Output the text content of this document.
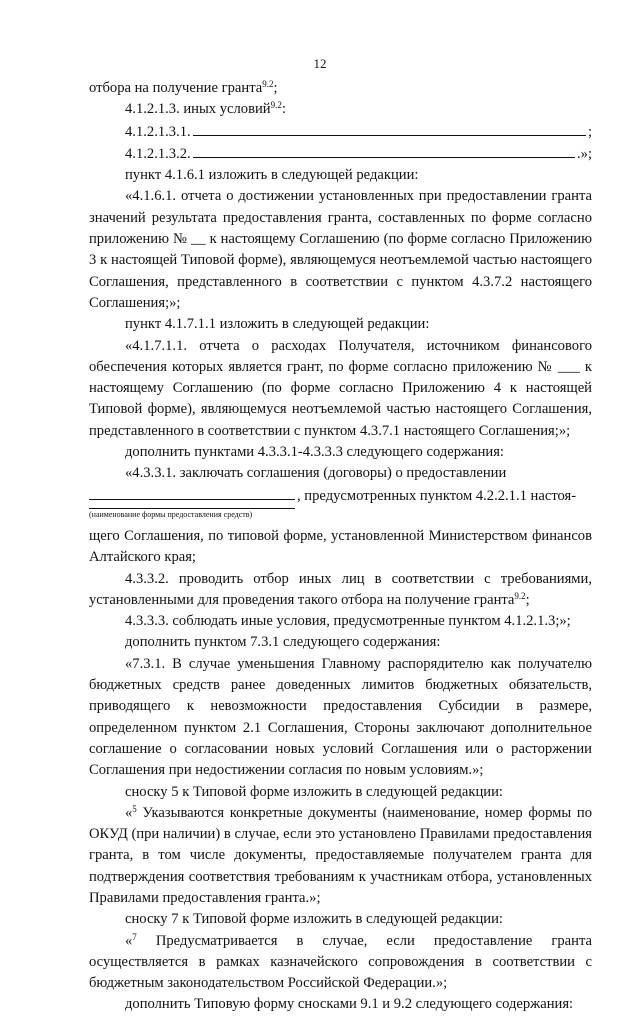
12

отбора на получение гранта$^{9.2}$;

4.1.2.1.3. иных условий$^{9.2}$:

4.1.2.1.3.1.	;
4.1.2.1.3.2.	.»;

пункт 4.1.6.1 изложить в следующей редакции:

«4.1.6.1. отчета о достижении установленных при предоставлении гранта значений результата предоставления гранта, составленных по форме согласно приложению № __ к настоящему Соглашению (по форме согласно Приложению 3 к настоящей Типовой форме), являющемуся неотъемлемой частью настоящего Соглашения, представленного в соответствии с пунктом 4.3.7.2 настоящего Соглашения;»;

пункт 4.1.7.1.1 изложить в следующей редакции:

«4.1.7.1.1. отчета о расходах Получателя, источником финансового обеспечения которых является грант, по форме согласно приложению № ___ к настоящему Соглашению (по форме согласно Приложению 4 к настоящей Типовой форме), являющемуся неотъемлемой частью настоящего Соглашения, представленного в соответствии с пунктом 4.3.7.1 настоящего Соглашения;»;

дополнить пунктами 4.3.3.1-4.3.3.3 следующего содержания:

«4.3.3.1. заключать соглашения (договоры) о предоставлении

, предусмотренных пунктом 4.2.2.1.1 настоя-
(наименование формы предоставления средств)

щего Соглашения, по типовой форме, установленной Министерством финансов Алтайского края;

4.3.3.2. проводить отбор иных лиц в соответствии с требованиями, установленными для проведения такого отбора на получение гранта$^{9.2}$;

4.3.3.3. соблюдать иные условия, предусмотренные пунктом 4.1.2.1.3;»;

дополнить пунктом 7.3.1 следующего содержания:

«7.3.1. В случае уменьшения Главному распорядителю как получателю бюджетных средств ранее доведенных лимитов бюджетных обязательств, приводящего к невозможности предоставления Субсидии в размере, определенном пунктом 2.1 Соглашения, Стороны заключают дополнительное соглашение о согласовании новых условий Соглашения или о расторжении Соглашения при недостижении согласия по новым условиям.»;

сноску 5 к Типовой форме изложить в следующей редакции:

«$^5$ Указываются конкретные документы (наименование, номер формы по ОКУД (при наличии) в случае, если это установлено Правилами предоставления гранта, в том числе документы, предоставляемые получателем гранта для подтверждения соответствия требованиям к участникам отбора, установленных Правилами предоставления гранта.»;

сноску 7 к Типовой форме изложить в следующей редакции:

«$^7$ Предусматривается в случае, если предоставление гранта осуществляется в рамках казначейского сопровождения в соответствии с бюджетным законодательством Российской Федерации.»;

дополнить Типовую форму сносками 9.1 и 9.2 следующего содержания:
